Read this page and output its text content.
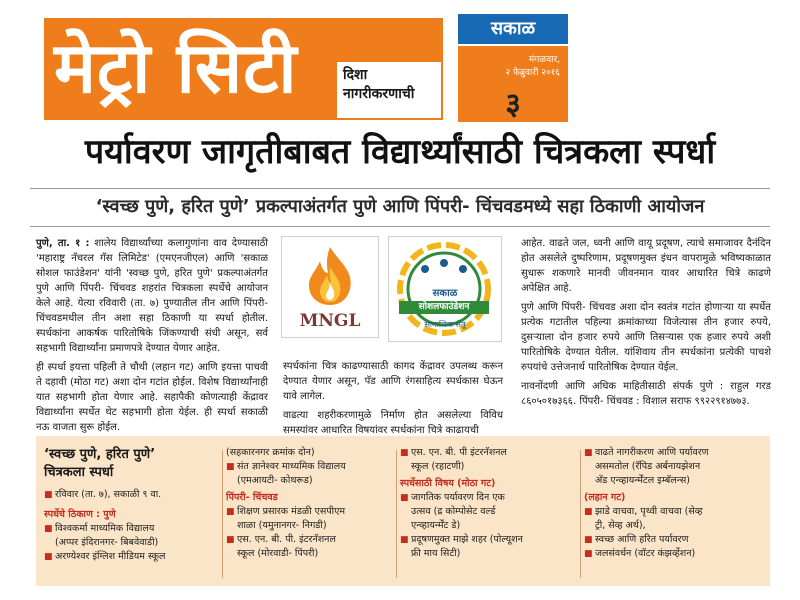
मेट्रो सिटी	दिशा
नागरीकरणाची
सकाळ
मंगळवार,
२ फेब्रुवारी २०१६
३
पर्यावरण जागृतीबाबत विद्यार्थ्यांसाठी चित्रकला स्पर्धा
‘स्वच्छ पुणे, हरित पुणे’ प्रकल्पाअंतर्गत पुणे आणि पिंपरी- चिंचवडमध्ये सहा ठिकाणी आयोजन

पुणे, ता. १ : शालेय विद्यार्थ्यांच्या कलागुणांना वाव देण्यासाठी 'महाराष्ट्र नॅचरल गॅस लिमिटेड' (एमएनजीएल) आणि 'सकाळ सोशल फाउंडेशन' यांनी 'स्वच्छ पुणे, हरित पुणे' प्रकल्पाअंतर्गत पुणे आणि पिंपरी- चिंचवड शहरांत चित्रकला स्पर्धेचे आयोजन केले आहे. येत्या रविवारी (ता. ७) पुण्यातील तीन आणि पिंपरी- चिंचवडमधील तीन अशा सहा ठिकाणी या स्पर्धा होतील. स्पर्धकांना आकर्षक पारितोषिके जिंकण्याची संधी असून, सर्व सहभागी विद्यार्थ्यांना प्रमाणपत्रे देण्यात येणार आहेत.

ही स्पर्धा इयत्ता पहिली ते चौथी (लहान गट) आणि इयत्ता पाचवी ते दहावी (मोठा गट) अशा दोन गटांत होईल. विशेष विद्यार्थ्यांनाही यात सहभागी होता येणार आहे. सहापैकी कोणत्याही केंद्रावर विद्यार्थ्यांना स्पर्धेत थेट सहभागी होता येईल. ही स्पर्धा सकाळी नऊ वाजता सुरू होईल.

MNGL
सकाळ
सोशलफाउंडेशन
सामाजिक सेतू

स्पर्धकांना चित्र काढण्यासाठी कागद केंद्रावर उपलब्ध करून देण्यात येणार असून, पॅड आणि रंगसाहित्य स्पर्धकास घेऊन यावे लागेल.

वाढत्या शहरीकरणामुळे निर्माण होत असलेल्या विविध समस्यांवर आधारित विषयांवर स्पर्धकांना चित्रे काढायची

आहेत. वाढते जल, ध्वनी आणि वायू प्रदूषण, त्याचे समाजावर दैनंदिन होत असलेले दुष्परिणाम, प्रदूषणमुक्त इंधन वापरामुळे भविष्यकाळात सुधारू शकणारे मानवी जीवनमान यावर आधारित चित्रे काढणे अपेक्षित आहे.

पुणे आणि पिंपरी- चिंचवड अशा दोन स्वतंत्र गटांत होणाऱ्या या स्पर्धेत प्रत्येक गटातील पहिल्या क्रमांकाच्या विजेत्यास तीन हजार रुपये, दुसऱ्याला दोन हजार रुपये आणि तिसऱ्यास एक हजार रुपये अशी पारितोषिके देण्यात येतील. यांशिवाय तीन स्पर्धकांना प्रत्येकी पाचशे रुपयांचे उत्तेजनार्थ पारितोषिक देण्यात येईल.

नावनोंदणी आणि अधिक माहितीसाठी संपर्क पुणे : राहुल गरड ८६०५०१७३६६. पिंपरी- चिंचवड : विशाल सराफ ९९२२९१४७७३.

‘स्वच्छ पुणे, हरित पुणे’
चित्रकला स्पर्धा
■ रविवार (ता. ७), सकाळी ९ वा.
स्पर्धेचे ठिकाण : पुणे
■ विश्वकर्मा माध्यमिक विद्यालय
(अप्पर इंदिरानगर- बिबवेवाडी)
■ अरण्येश्वर इंग्लिश मीडियम स्कूल
(सहकारनगर क्रमांक दोन)
■ संत ज्ञानेश्वर माध्यमिक विद्यालय
(एमआयटी- कोथरूड)
पिंपरी- चिंचवड
■ शिक्षण प्रसारक मंडळी एसपीएम
शाळा (यमुनानगर- निगडी)
■ एस. एन. बी. पी. इंटरनॅशनल
स्कूल (मोरवाडी- पिंपरी)
■ एस. एन. बी. पी इंटरनॅशनल
स्कूल (रहाटणी)
स्पर्धेसाठी विषय (मोठा गट)
■ जागतिक पर्यावरण दिन एक
उत्सव (द्र कोम्पोसेट वर्ल्ड
एन्व्हायर्न्मेंट डे)
■ प्रदूषणमुक्त माझे शहर (पोल्यूशन
फ्री माय सिटी)
■ वाढते नागरीकरण आणि पर्यावरण
असमतोल (रॅपिड अर्बनायझेशन
अँड एन्व्हायर्न्मेंटल इम्बॅलन्स)
(लहान गट)
■ झाडे वाचवा, पृथ्वी वाचवा (सेव्ह
ट्री, सेव्ह अर्थ),
■ स्वच्छ आणि हरित पर्यावरण
■ जलसंवर्धन (वॉटर कंझर्व्हेशन)
